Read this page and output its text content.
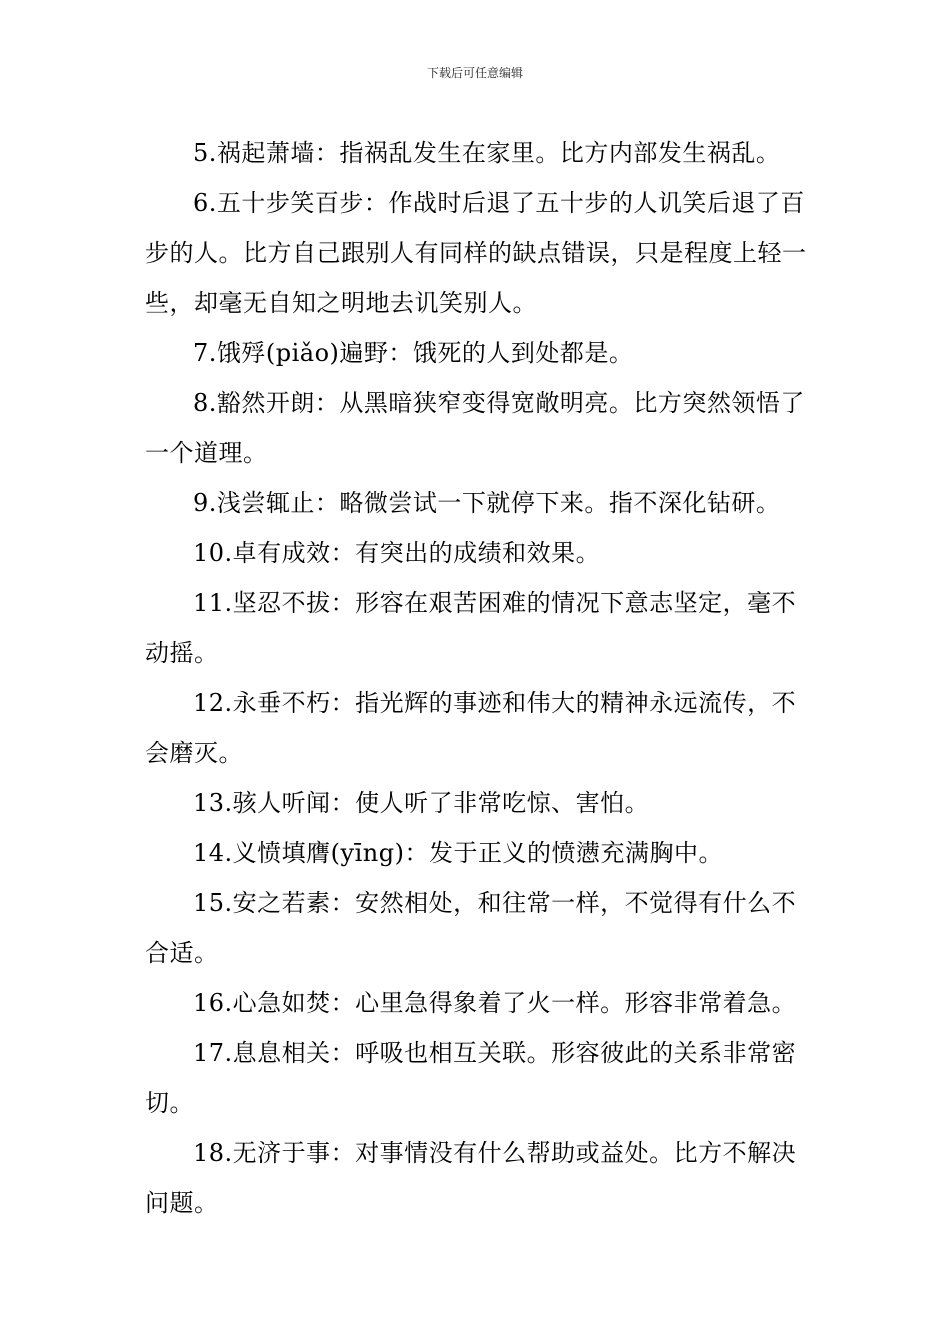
下载后可任意编辑

5.祸起萧墙：指祸乱发生在家里。比方内部发生祸乱。

6.五十步笑百步：作战时后退了五十步的人讥笑后退了百步的人。比方自己跟别人有同样的缺点错误，只是程度上轻一些，却毫无自知之明地去讥笑别人。

7.饿殍(piǎo)遍野：饿死的人到处都是。

8.豁然开朗：从黑暗狭窄变得宽敞明亮。比方突然领悟了一个道理。

9.浅尝辄止：略微尝试一下就停下来。指不深化钻研。

10.卓有成效：有突出的成绩和效果。

11.坚忍不拔：形容在艰苦困难的情况下意志坚定，毫不动摇。

12.永垂不朽：指光辉的事迹和伟大的精神永远流传，不会磨灭。

13.骇人听闻：使人听了非常吃惊、害怕。

14.义愤填膺(yīng)：发于正义的愤懑充满胸中。

15.安之若素：安然相处，和往常一样，不觉得有什么不合适。

16.心急如焚：心里急得象着了火一样。形容非常着急。

17.息息相关：呼吸也相互关联。形容彼此的关系非常密切。

18.无济于事：对事情没有什么帮助或益处。比方不解决问题。
